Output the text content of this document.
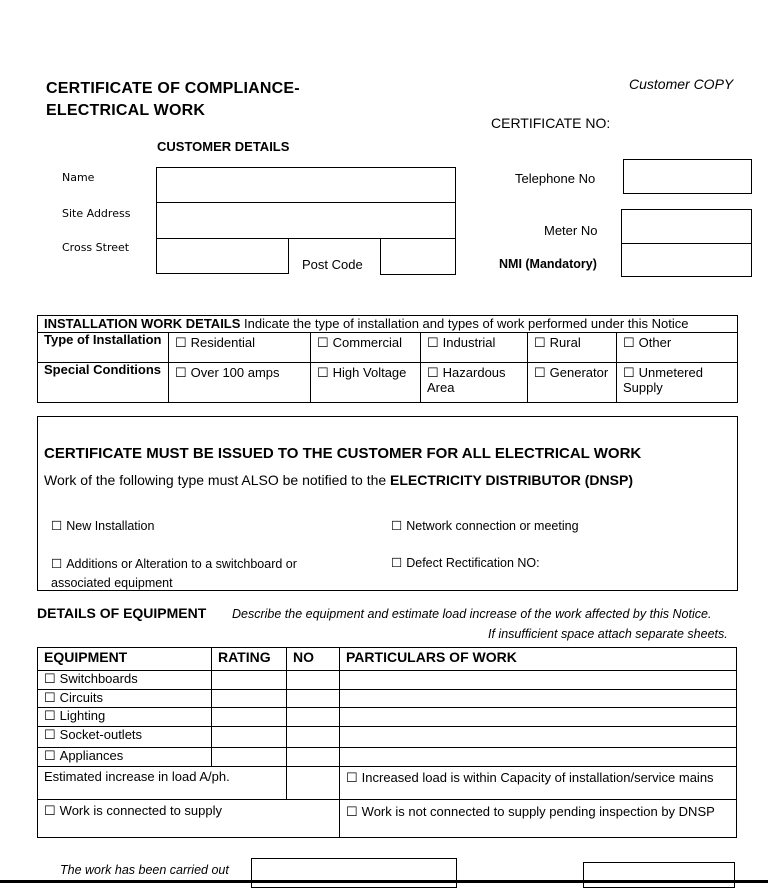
CERTIFICATE OF COMPLIANCE-
ELECTRICAL WORK
Customer COPY
CERTIFICATE NO:
CUSTOMER DETAILS
Name
Site Address
Cross Street
Post Code
Telephone No
Meter No
NMI (Mandatory)
INSTALLATION WORK DETAILS Indicate the type of installation and types of work performed under this Notice					
Type of Installation	☐ Residential	☐ Commercial	☐ Industrial	☐ Rural	☐ Other
Special Conditions	☐ Over 100 amps	☐ High Voltage	☐ Hazardous Area	☐ Generator	☐ Unmetered Supply
CERTIFICATE MUST BE ISSUED TO THE CUSTOMER FOR ALL ELECTRICAL WORK
Work of the following type must ALSO be notified to the ELECTRICITY DISTRIBUTOR (DNSP)
☐ New Installation	☐ Network connection or meeting
☐ Additions or Alteration to a switchboard or associated equipment
☐ Defect Rectification NO:
DETAILS OF EQUIPMENT Describe the equipment and estimate load increase of the work affected by this Notice.
If insufficient space attach separate sheets.
EQUIPMENT	RATING	NO	PARTICULARS OF WORK
☐ Switchboards			
☐ Circuits			
☐ Lighting			
☐ Socket-outlets			
☐ Appliances			
Estimated increase in load A/ph.			☐ Increased load is within Capacity of installation/service mains
☐ Work is connected to supply			☐ Work is not connected to supply pending inspection by DNSP
The work has been carried out
